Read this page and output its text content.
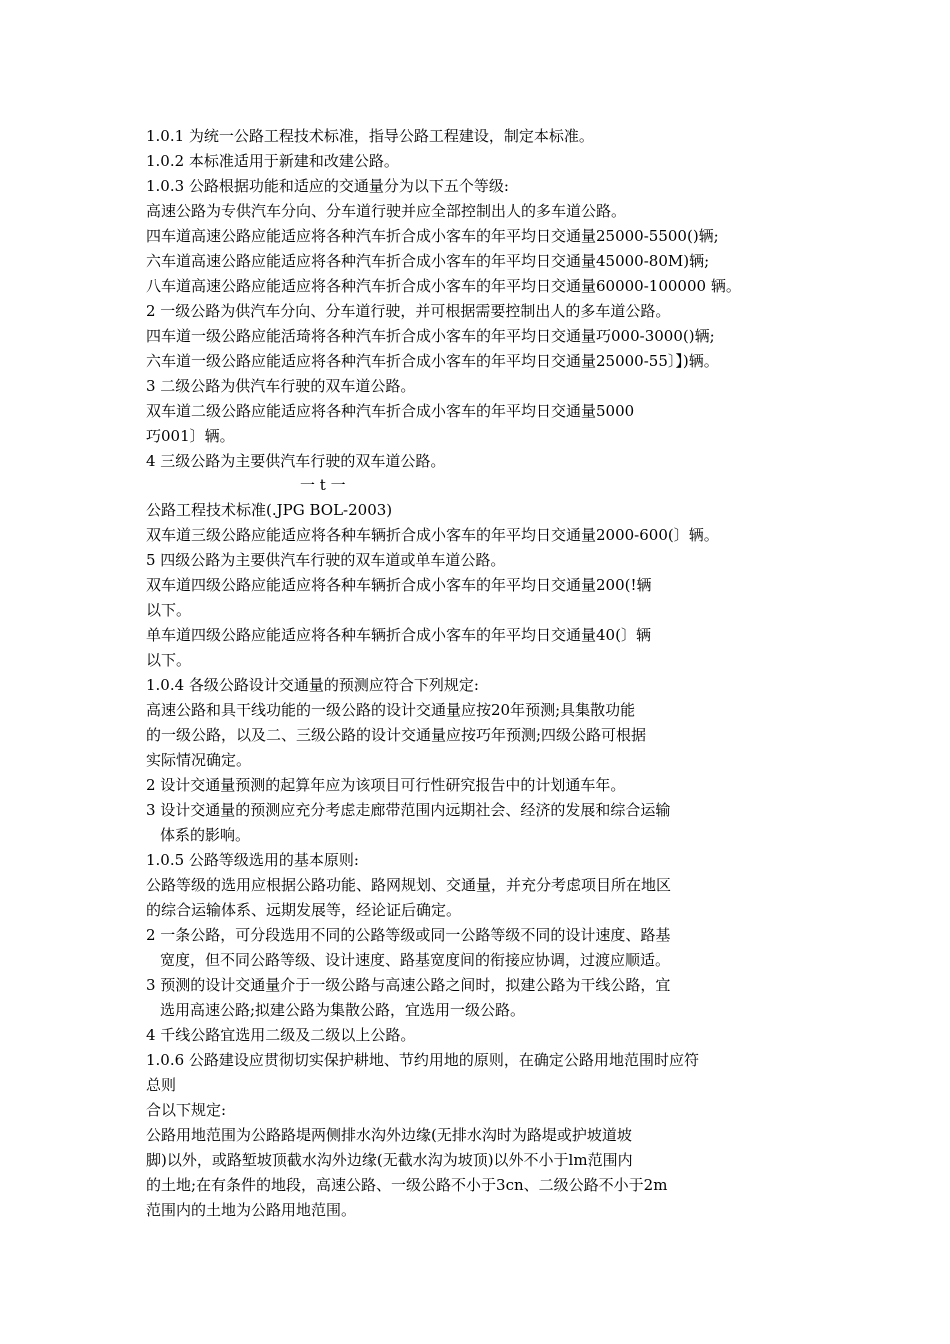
1.0.1 为统一公路工程技术标准，指导公路工程建设，制定本标准。
1.0.2 本标准适用于新建和改建公路。
1.0.3 公路根据功能和适应的交通量分为以下五个等级:
高速公路为专供汽车分向、分车道行驶并应全部控制出人的多车道公路。
四车道高速公路应能适应将各种汽车折合成小客车的年平均日交通量25000-5500()辆;
六车道高速公路应能适应将各种汽车折合成小客车的年平均日交通量45000-80M)辆;
八车道高速公路应能适应将各种汽车折合成小客车的年平均日交通量60000-100000 辆。
2 一级公路为供汽车分向、分车道行驶，并可根据需要控制出人的多车道公路。
四车道一级公路应能活琦将各种汽车折合成小客车的年平均日交通量巧000-3000()辆;
六车道一级公路应能适应将各种汽车折合成小客车的年平均日交通量25000-55〕】)辆。
3 二级公路为供汽车行驶的双车道公路。
双车道二级公路应能适应将各种汽车折合成小客车的年平均日交通量5000
巧001〕辆。
4 三级公路为主要供汽车行驶的双车道公路。
一 t 一
公路工程技术标准(.JPG BOL-2003)
双车道三级公路应能适应将各种车辆折合成小客车的年平均日交通量2000-600(〕辆。
5 四级公路为主要供汽车行驶的双车道或单车道公路。
双车道四级公路应能适应将各种车辆折合成小客车的年平均日交通量200(!辆
以下。
单车道四级公路应能适应将各种车辆折合成小客车的年平均日交通量40(〕辆
以下。
1.0.4 各级公路设计交通量的预测应符合下列规定:
高速公路和具干线功能的一级公路的设计交通量应按20年预测;具集散功能
的一级公路，以及二、三级公路的设计交通量应按巧年预测;四级公路可根据
实际情况确定。
2 设计交通量预测的起算年应为该项目可行性研究报告中的计划通车年。
3 设计交通量的预测应充分考虑走廊带范围内远期社会、经济的发展和综合运输
体系的影响。
1.0.5 公路等级选用的基本原则:
公路等级的选用应根据公路功能、路网规划、交通量，并充分考虑项目所在地区
的综合运输体系、远期发展等，经论证后确定。
2 一条公路，可分段选用不同的公路等级或同一公路等级不同的设计速度、路基
宽度，但不同公路等级、设计速度、路基宽度间的衔接应协调，过渡应顺适。
3 预测的设计交通量介于一级公路与高速公路之间时，拟建公路为干线公路，宜
选用高速公路;拟建公路为集散公路，宜选用一级公路。
4 千线公路宜选用二级及二级以上公路。
1.0.6 公路建设应贯彻切实保护耕地、节约用地的原则，在确定公路用地范围时应符
总则
合以下规定:
公路用地范围为公路路堤两侧排水沟外边缘(无排水沟时为路堤或护坡道坡
脚)以外，或路堑坡顶截水沟外边缘(无截水沟为坡顶)以外不小于lm范围内
的土地;在有条件的地段，高速公路、一级公路不小于3cn、二级公路不小于2m
范围内的土地为公路用地范围。
